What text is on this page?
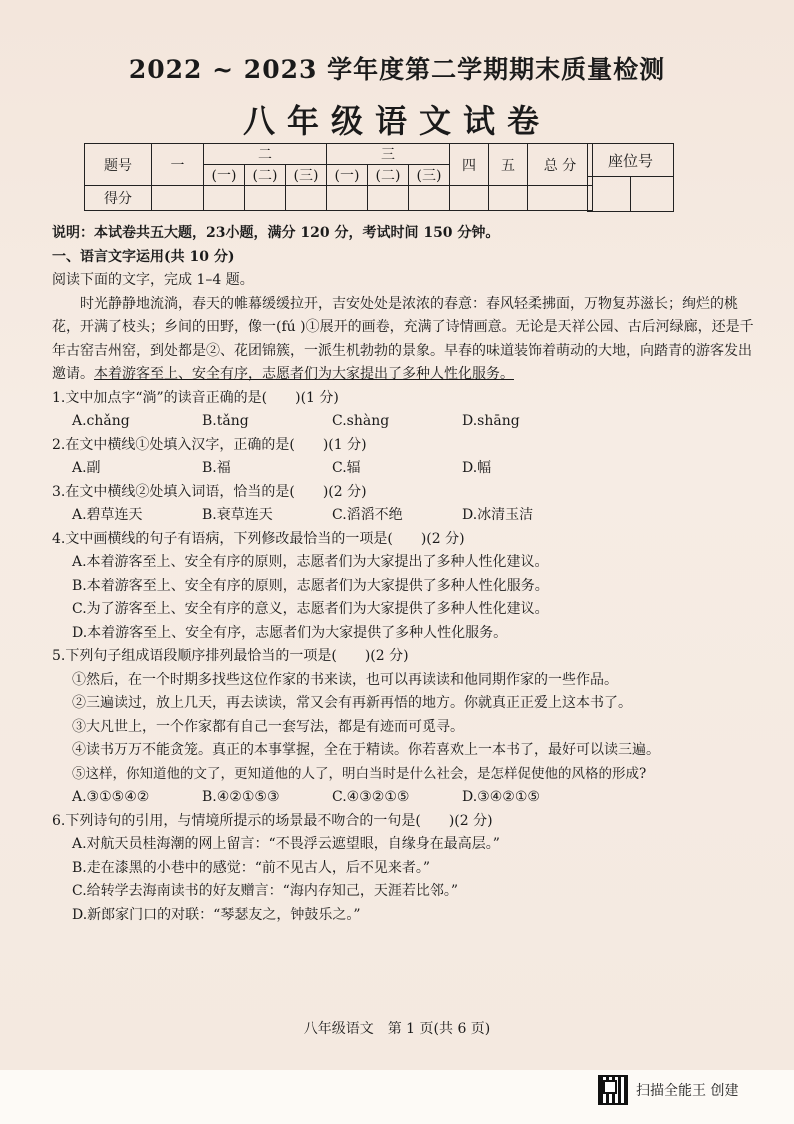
2022 ~ 2023 学年度第二学期期末质量检测
八年级语文试卷
题号	一	二			三			四	五	总 分
		(一)	(二)	(三)	(一)	(二)	(三)			
得分										
座位号

说明：本试卷共五大题，23小题，满分 120 分，考试时间 150 分钟。

一、语言文字运用(共 10 分)

阅读下面的文字，完成 1–4 题。

时光静静地流淌，春天的帷幕缓缓拉开，吉安处处是浓浓的春意：春风轻柔拂面，万物复苏滋长；绚烂的桃花，开满了枝头；乡间的田野，像一(fú )①展开的画卷，充满了诗情画意。无论是天祥公园、古后河绿廊，还是千年古窑吉州窑，到处都是②、花团锦簇，一派生机勃勃的景象。早春的味道装饰着萌动的大地，向踏青的游客发出邀请。本着游客至上、安全有序，志愿者们为大家提出了多种人性化服务。

1.文中加点字“淌”的读音正确的是(　　)(1 分)

A.chǎng	B.tǎng	C.shàng	D.shāng

2.在文中横线①处填入汉字，正确的是(　　)(1 分)

A.副	B.福	C.辐	D.幅

3.在文中横线②处填入词语，恰当的是(　　)(2 分)

A.碧草连天	B.衰草连天	C.滔滔不绝	D.冰清玉洁

4.文中画横线的句子有语病，下列修改最恰当的一项是(　　)(2 分)

A.本着游客至上、安全有序的原则，志愿者们为大家提出了多种人性化建议。

B.本着游客至上、安全有序的原则，志愿者们为大家提供了多种人性化服务。

C.为了游客至上、安全有序的意义，志愿者们为大家提供了多种人性化建议。

D.本着游客至上、安全有序，志愿者们为大家提供了多种人性化服务。

5.下列句子组成语段顺序排列最恰当的一项是(　　)(2 分)

①然后，在一个时期多找些这位作家的书来读，也可以再读读和他同期作家的一些作品。

②三遍读过，放上几天，再去读读，常又会有再新再悟的地方。你就真正正爱上这本书了。

③大凡世上，一个作家都有自己一套写法，都是有迹而可觅寻。

④读书万万不能贪笼。真正的本事掌握，全在于精读。你若喜欢上一本书了，最好可以读三遍。

⑤这样，你知道他的文了，更知道他的人了，明白当时是什么社会，是怎样促使他的风格的形成?

A.③①⑤④②	B.④②①⑤③	C.④③②①⑤	D.③④②①⑤

6.下列诗句的引用，与情境所提示的场景最不吻合的一句是(　　)(2 分)

A.对航天员桂海潮的网上留言：“不畏浮云遮望眼，自缘身在最高层。”

B.走在漆黑的小巷中的感觉：“前不见古人，后不见来者。”

C.给转学去海南读书的好友赠言：“海内存知己，天涯若比邻。”

D.新郎家门口的对联：“琴瑟友之，钟鼓乐之。”

八年级语文　第 1 页(共 6 页)
扫描全能王 创建
